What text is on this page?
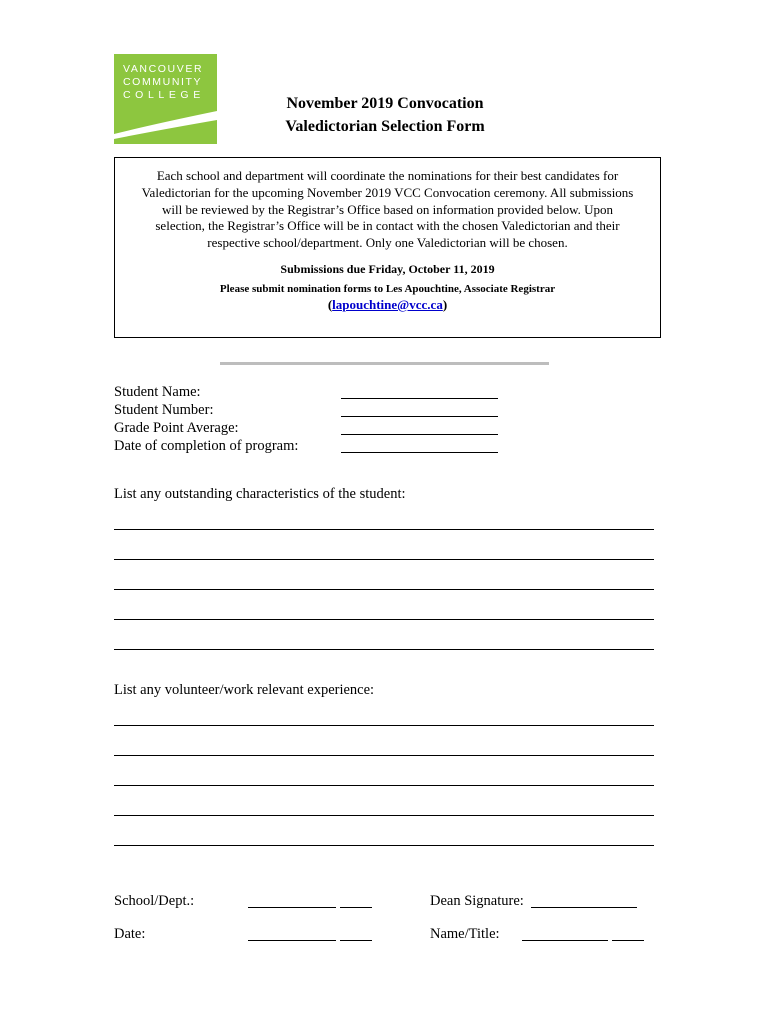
VANCOUVER
COMMUNITY
COLLEGE	November 2019 Convocation
Valedictorian Selection Form
Each school and department will coordinate the nominations for their best candidates for Valedictorian for the upcoming November 2019 VCC Convocation ceremony. All submissions will be reviewed by the Registrar’s Office based on information provided below. Upon selection, the Registrar’s Office will be in contact with the chosen Valedictorian and their respective school/department. Only one Valedictorian will be chosen.
Submissions due Friday, October 11, 2019
Please submit nomination forms to Les Apouchtine, Associate Registrar
(lapouchtine@vcc.ca)
Student Name:
Student Number:
Grade Point Average:
Date of completion of program:
List any outstanding characteristics of the student:
List any volunteer/work relevant experience:
School/Dept.:	Dean Signature:
Date:	Name/Title:
